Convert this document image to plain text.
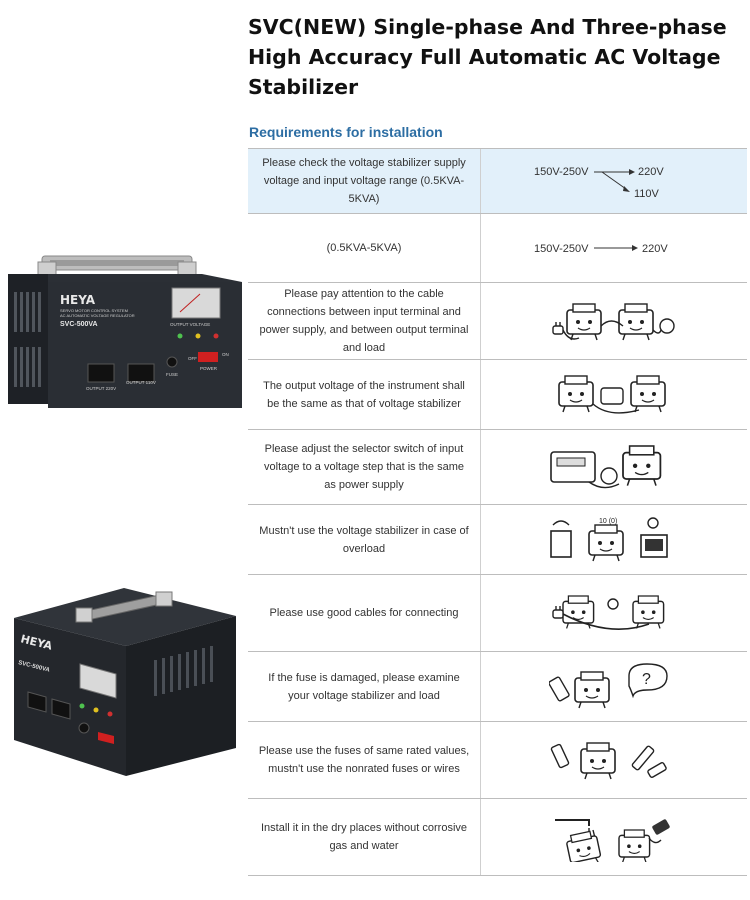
SVC(NEW) Single-phase And Three-phase High Accuracy Full Automatic AC Voltage Stabilizer
Requirements for installation
HEYA
SERVO MOTOR CONTROL SYSTEM
AC AUTOMATIC VOLTAGE REGULATOR
SVC-500VA	OUTPUT VOLTAGE
OUTPUT 220V
OUTPUT 110V
FUSE
OFF
ON
POWER
HEYA
SVC-500VA
Please check the voltage stabilizer supply voltage and input voltage range (0.5KVA-5KVA)
150V-250V	220V
110V
(0.5KVA-5KVA)	150V-250V	220V
Please pay attention to the cable connections between input terminal and power supply, and between output terminal and load
The output voltage of the instrument shall be the same as that of voltage stabilizer
Please adjust the selector switch of input voltage to a voltage step that is the same as power supply
Mustn't use the voltage stabilizer in case of overload
10 (0)
Please use good cables for connecting
If the fuse is damaged, please examine your voltage stabilizer and load
?
Please use the fuses of same rated values, mustn't use the nonrated fuses or wires
Install it in the dry places without corrosive gas and water
